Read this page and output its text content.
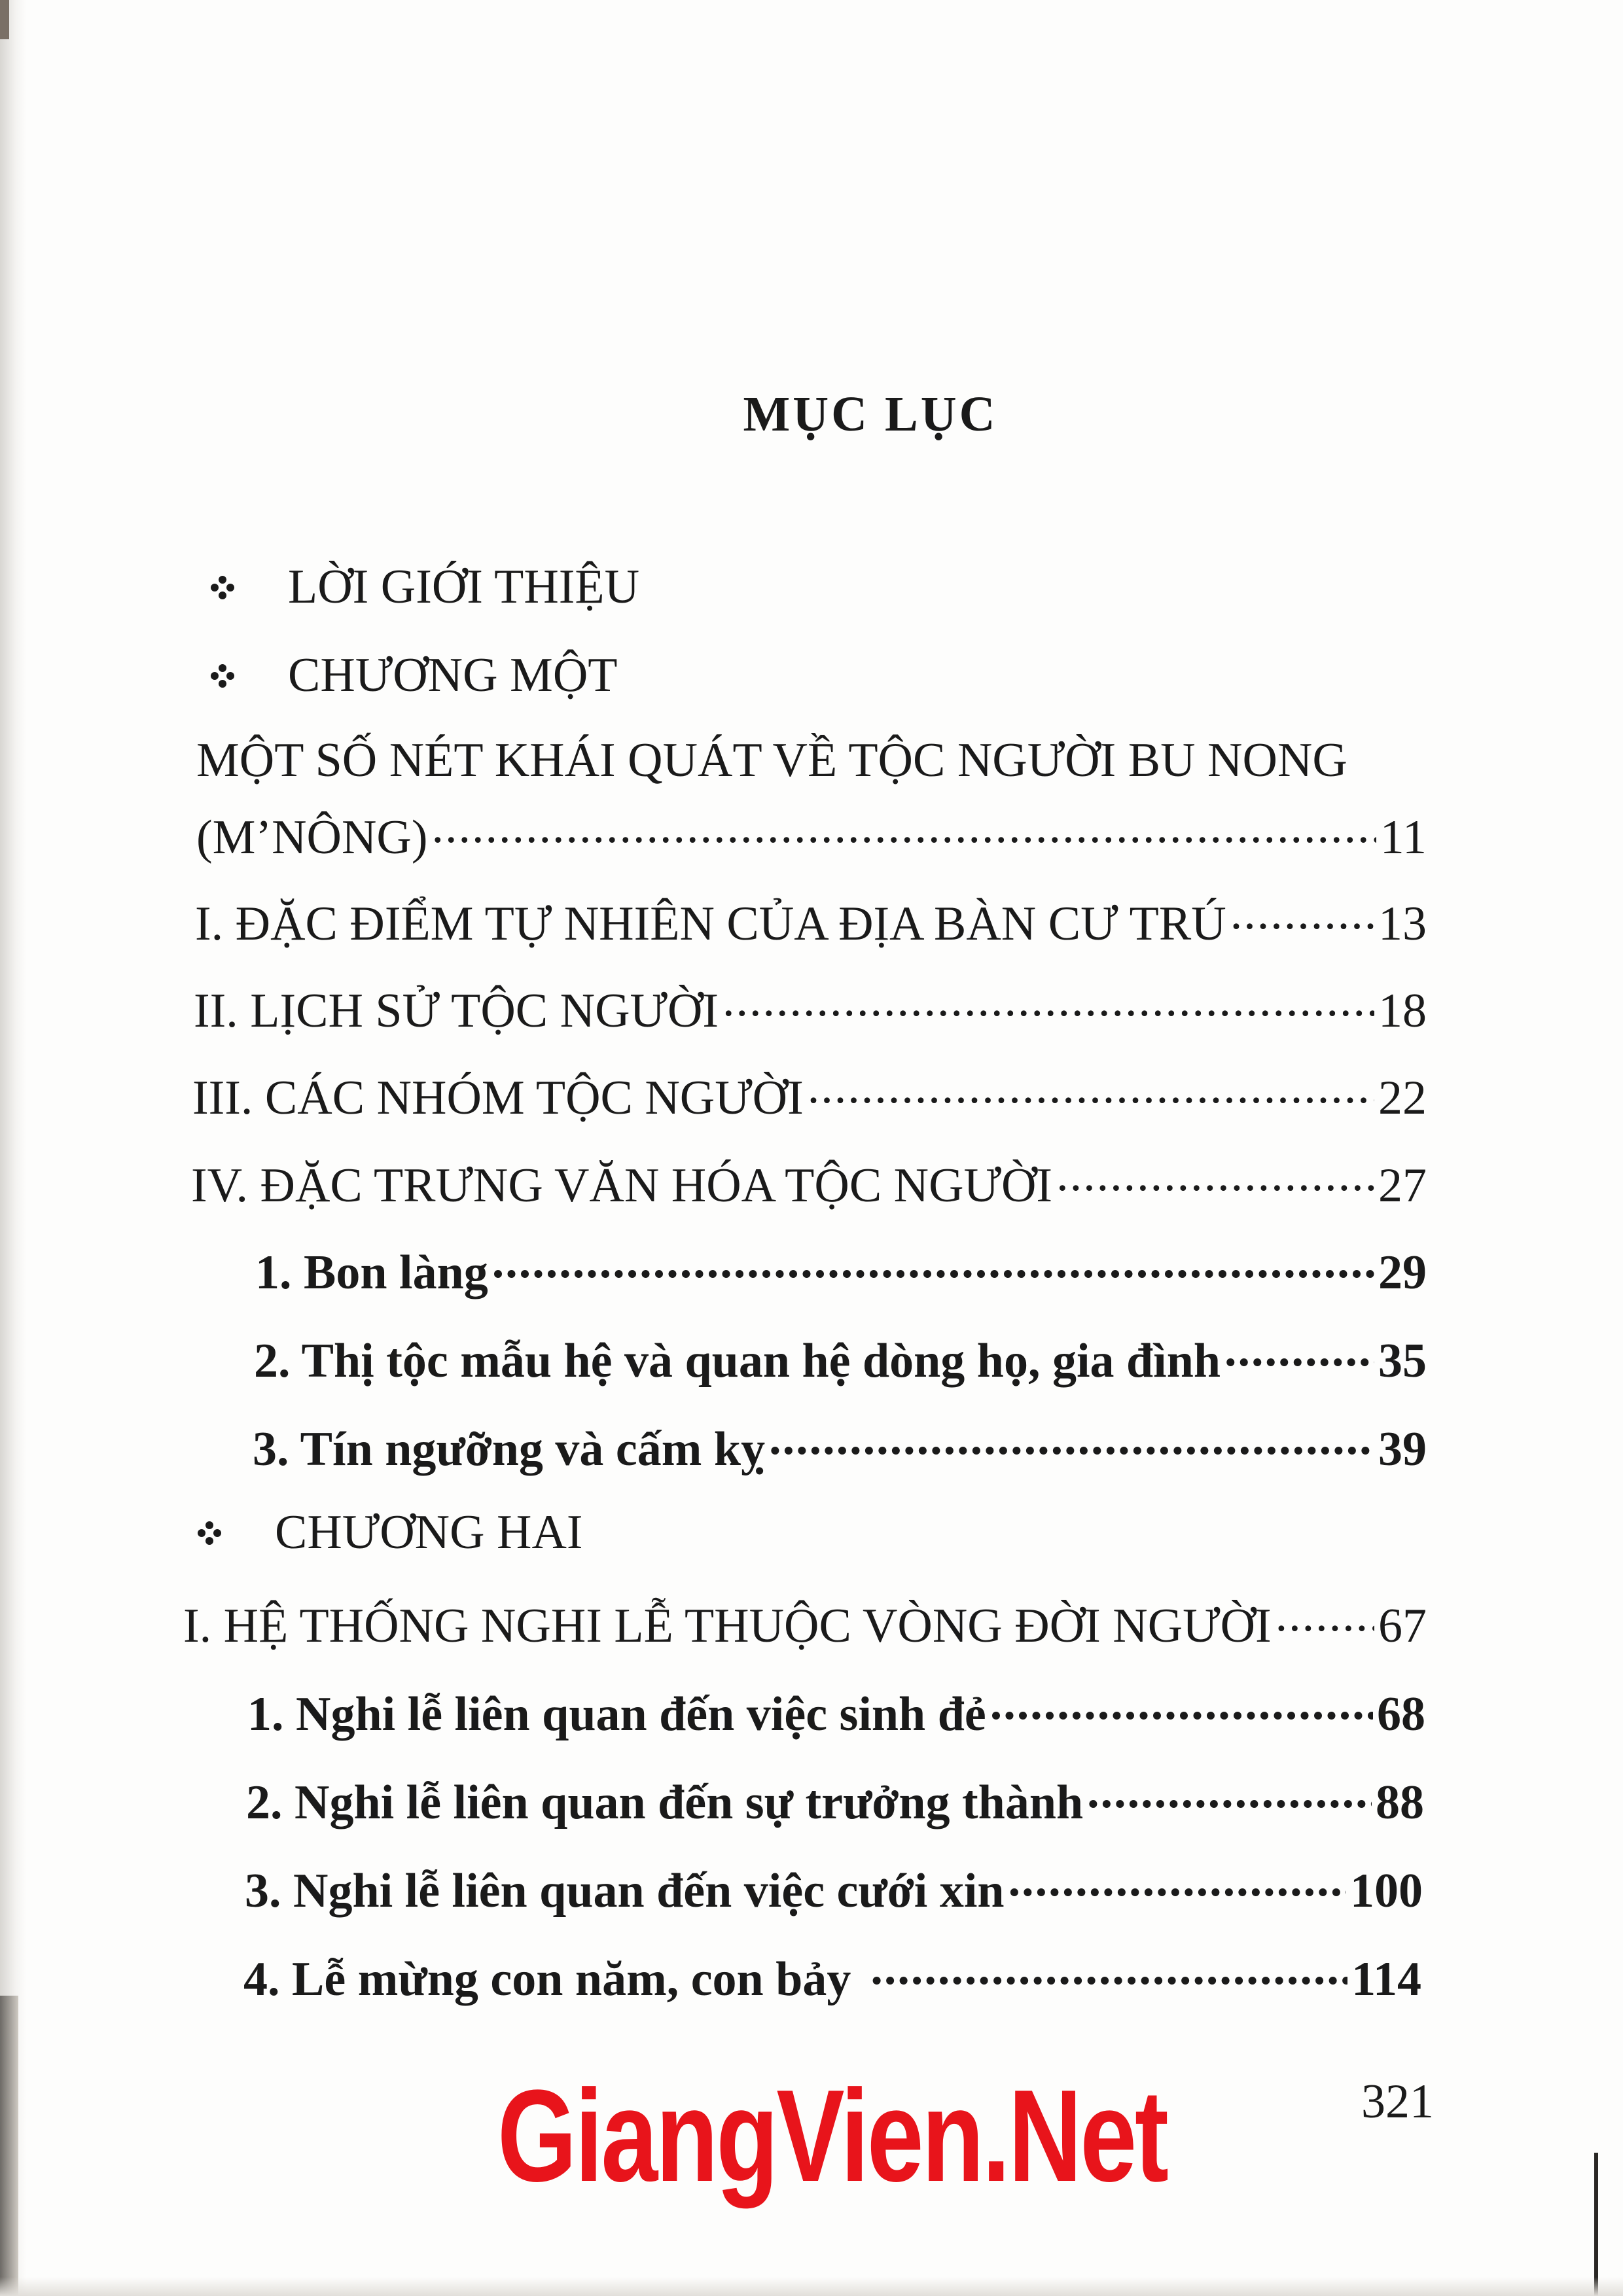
MỤC LỤC
LỜI GIỚI THIỆU
CHƯƠNG MỘT
MỘT SỐ NÉT KHÁI QUÁT VỀ TỘC NGƯỜI BU NONG
(M’NÔNG) .....	11
I. ĐẶC ĐIỂM TỰ NHIÊN CỦA ĐỊA BÀN CƯ TRÚ .....	13
II. LỊCH SỬ TỘC NGƯỜI .....	18
III. CÁC NHÓM TỘC NGƯỜI .....	22
IV. ĐẶC TRƯNG VĂN HÓA TỘC NGƯỜI .....	27
1. Bon làng .....	29
2. Thị tộc mẫu hệ và quan hệ dòng họ, gia đình .....	35
3. Tín ngưỡng và cấm kỵ .....	39
CHƯƠNG HAI
I. HỆ THỐNG NGHI LỄ THUỘC VÒNG ĐỜI NGƯỜI ..... 67
1. Nghi lễ liên quan đến việc sinh đẻ .....	68
2. Nghi lễ liên quan đến sự trưởng thành .....	88
3. Nghi lễ liên quan đến việc cưới xin .....	100
4. Lễ mừng con năm, con bảy .....	114
GiangVien.Net	321
